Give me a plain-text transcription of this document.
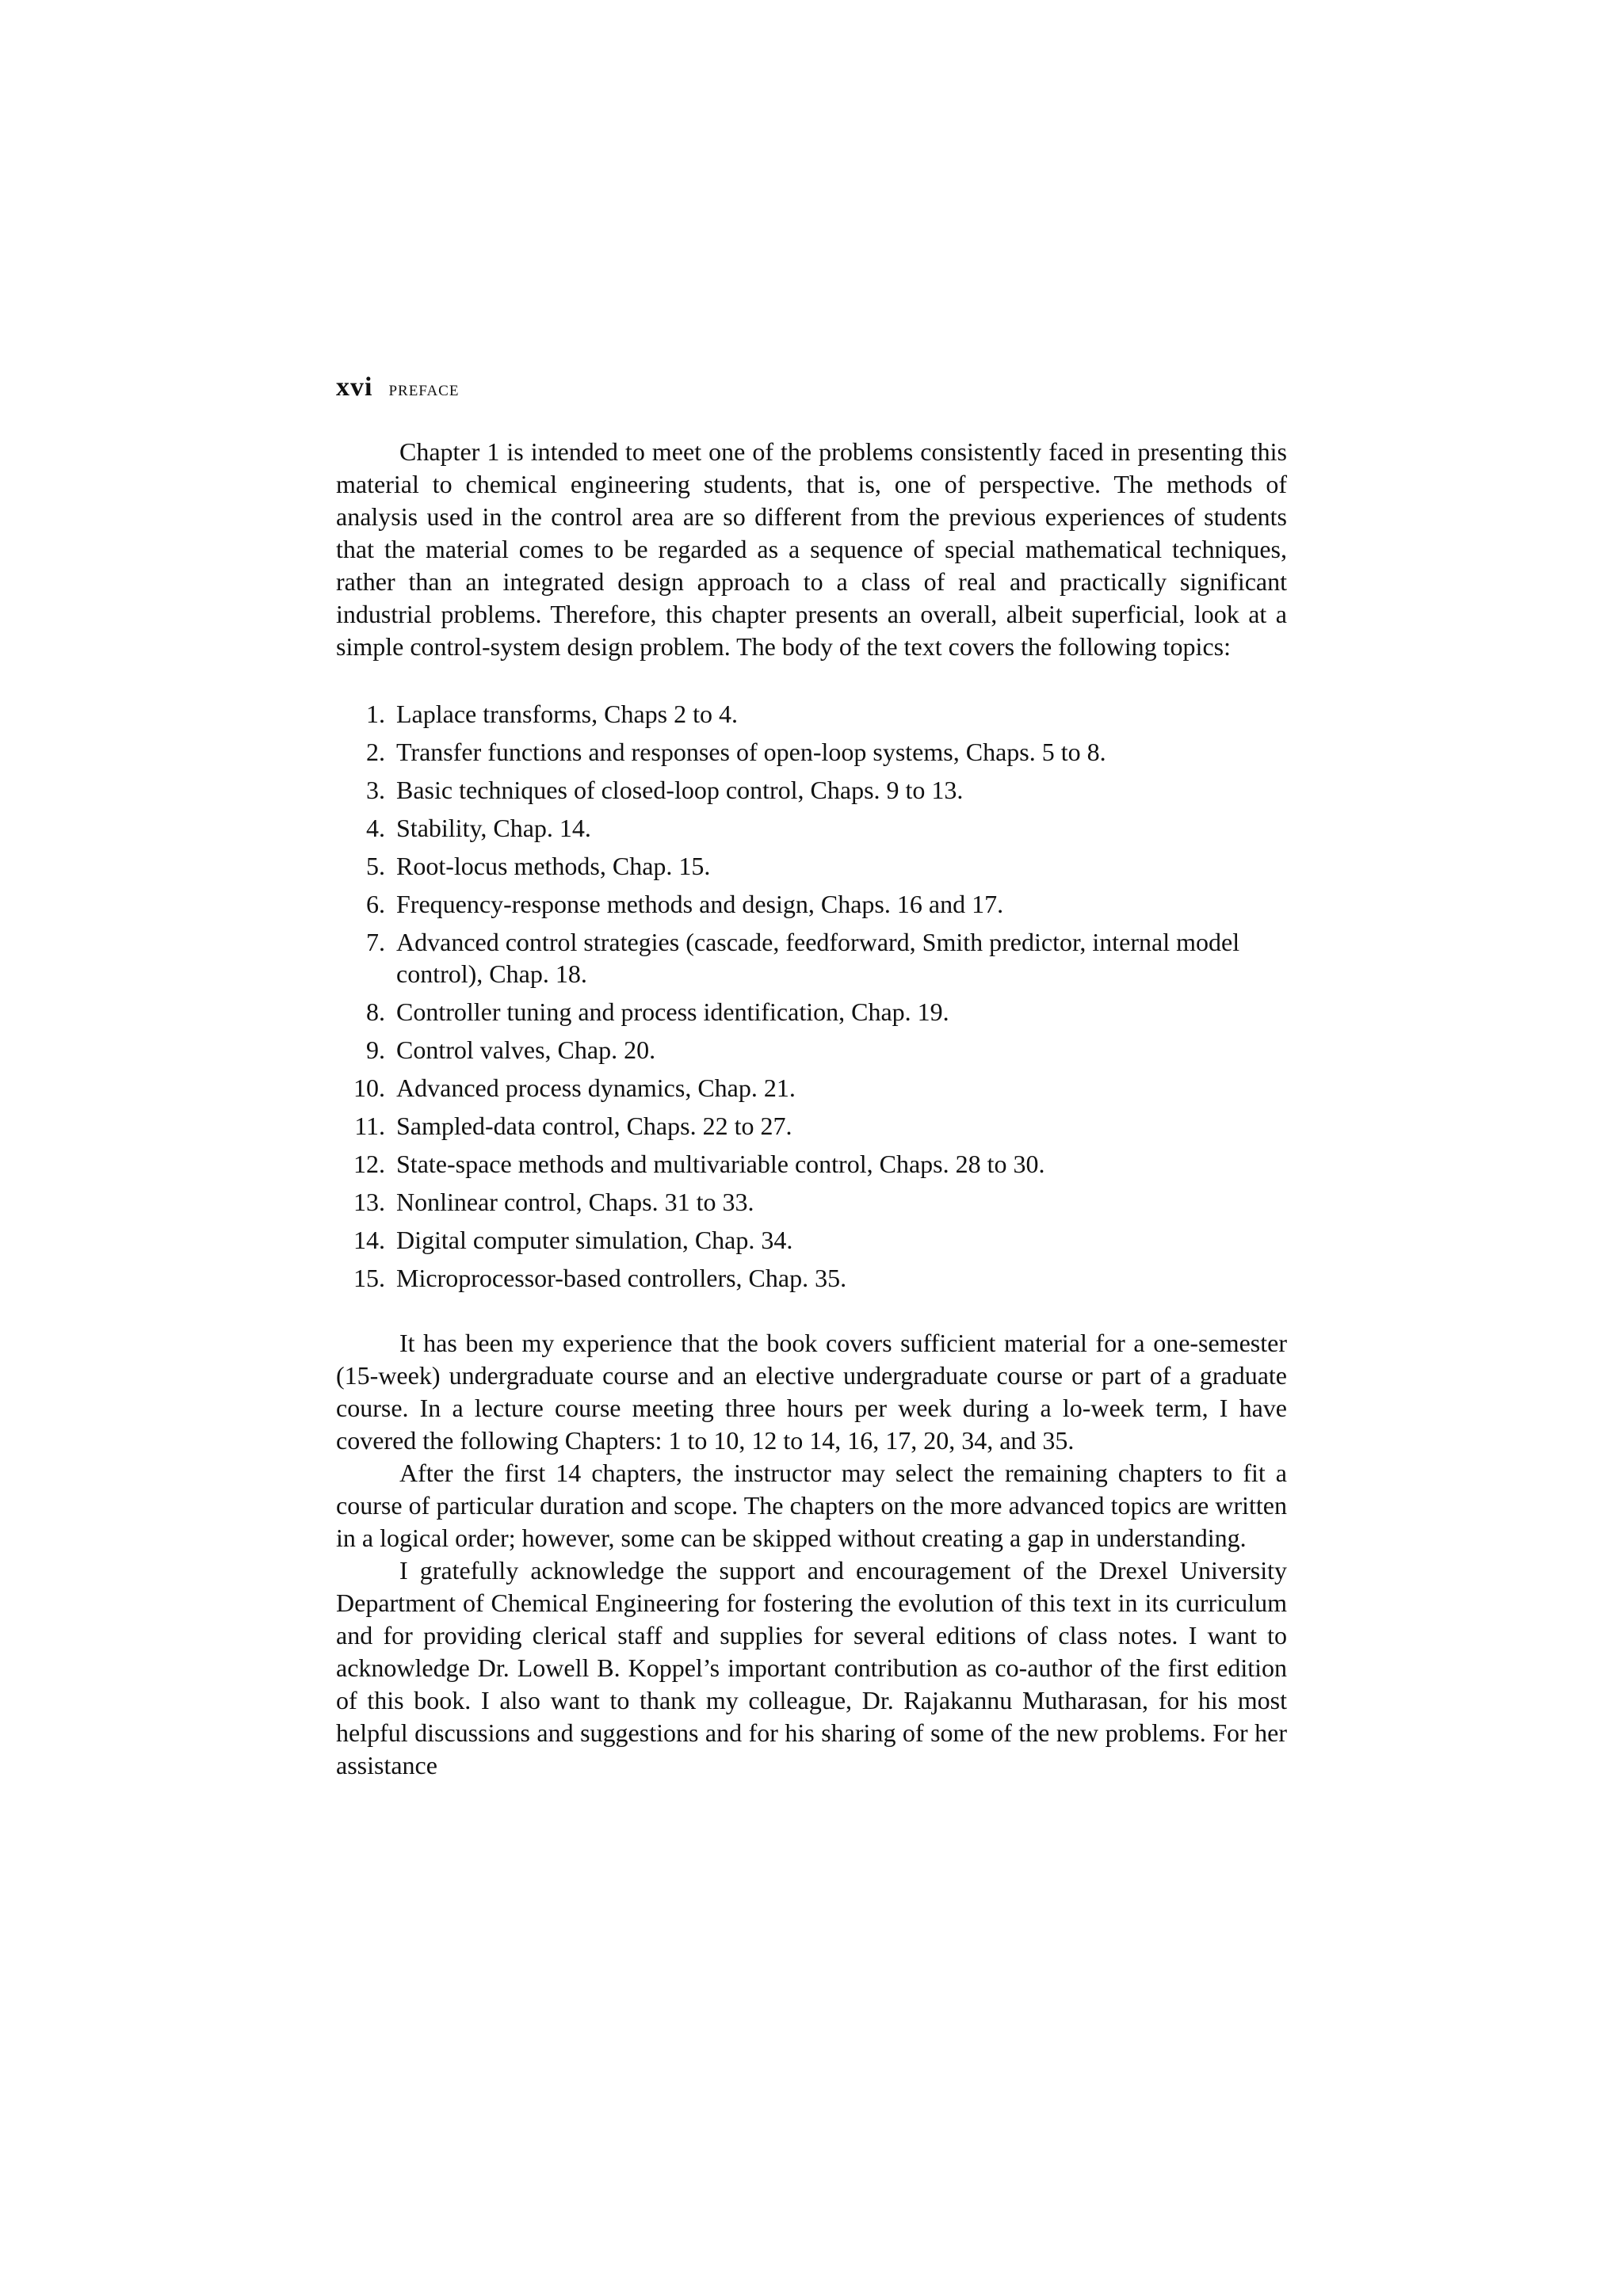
xvi PREFACE

Chapter 1 is intended to meet one of the problems consistently faced in presenting this material to chemical engineering students, that is, one of perspective. The methods of analysis used in the control area are so different from the previous experiences of students that the material comes to be regarded as a sequence of special mathematical techniques, rather than an integrated design approach to a class of real and practically significant industrial problems. Therefore, this chapter presents an overall, albeit superficial, look at a simple control-system design problem. The body of the text covers the following topics:

1. Laplace transforms, Chaps 2 to 4.
2. Transfer functions and responses of open-loop systems, Chaps. 5 to 8.
3. Basic techniques of closed-loop control, Chaps. 9 to 13.
4. Stability, Chap. 14.
5. Root-locus methods, Chap. 15.
6. Frequency-response methods and design, Chaps. 16 and 17.
7. Advanced control strategies (cascade, feedforward, Smith predictor, internal model control), Chap. 18.
8. Controller tuning and process identification, Chap. 19.
9. Control valves, Chap. 20.
10. Advanced process dynamics, Chap. 21.
11. Sampled-data control, Chaps. 22 to 27.
12. State-space methods and multivariable control, Chaps. 28 to 30.
13. Nonlinear control, Chaps. 31 to 33.
14. Digital computer simulation, Chap. 34.
15. Microprocessor-based controllers, Chap. 35.

It has been my experience that the book covers sufficient material for a one-semester (15-week) undergraduate course and an elective undergraduate course or part of a graduate course. In a lecture course meeting three hours per week during a lo-week term, I have covered the following Chapters: 1 to 10, 12 to 14, 16, 17, 20, 34, and 35.

After the first 14 chapters, the instructor may select the remaining chapters to fit a course of particular duration and scope. The chapters on the more advanced topics are written in a logical order; however, some can be skipped without creating a gap in understanding.

I gratefully acknowledge the support and encouragement of the Drexel University Department of Chemical Engineering for fostering the evolution of this text in its curriculum and for providing clerical staff and supplies for several editions of class notes. I want to acknowledge Dr. Lowell B. Koppel’s important contribution as co-author of the first edition of this book. I also want to thank my colleague, Dr. Rajakannu Mutharasan, for his most helpful discussions and suggestions and for his sharing of some of the new problems. For her assistance
